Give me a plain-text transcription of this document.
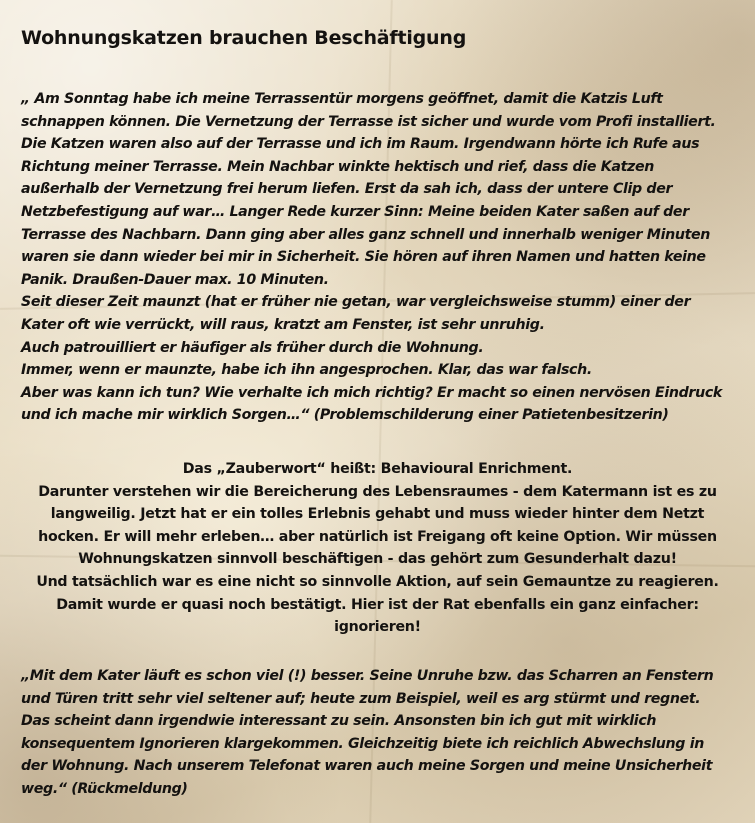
Wohnungskatzen brauchen Beschäftigung
„ Am Sonntag habe ich meine Terrassentür morgens geöffnet, damit die Katzis Luft
schnappen können. Die Vernetzung der Terrasse ist sicher und wurde vom Profi installiert.
Die Katzen waren also auf der Terrasse und ich im Raum. Irgendwann hörte ich Rufe aus
Richtung meiner Terrasse. Mein Nachbar winkte hektisch und rief, dass die Katzen
außerhalb der Vernetzung frei herum liefen. Erst da sah ich, dass der untere Clip der
Netzbefestigung auf war… Langer Rede kurzer Sinn: Meine beiden Kater saßen auf der
Terrasse des Nachbarn. Dann ging aber alles ganz schnell und innerhalb weniger Minuten
waren sie dann wieder bei mir in Sicherheit. Sie hören auf ihren Namen und hatten keine
Panik. Draußen-Dauer max. 10 Minuten.
Seit dieser Zeit maunzt (hat er früher nie getan, war vergleichsweise stumm) einer der
Kater oft wie verrückt, will raus, kratzt am Fenster, ist sehr unruhig.
Auch patrouilliert er häufiger als früher durch die Wohnung.
Immer, wenn er maunzte, habe ich ihn angesprochen. Klar, das war falsch.
Aber was kann ich tun? Wie verhalte ich mich richtig? Er macht so einen nervösen Eindruck
und ich mache mir wirklich Sorgen…“ (Problemschilderung einer Patietenbesitzerin)
Das „Zauberwort“ heißt: Behavioural Enrichment.
Darunter verstehen wir die Bereicherung des Lebensraumes - dem Katermann ist es zu
langweilig. Jetzt hat er ein tolles Erlebnis gehabt und muss wieder hinter dem Netzt
hocken. Er will mehr erleben… aber natürlich ist Freigang oft keine Option. Wir müssen
Wohnungskatzen sinnvoll beschäftigen - das gehört zum Gesunderhalt dazu!
Und tatsächlich war es eine nicht so sinnvolle Aktion, auf sein Gemauntze zu reagieren.
Damit wurde er quasi noch bestätigt. Hier ist der Rat ebenfalls ein ganz einfacher:
ignorieren!
„Mit dem Kater läuft es schon viel (!) besser. Seine Unruhe bzw. das Scharren an Fenstern
und Türen tritt sehr viel seltener auf; heute zum Beispiel, weil es arg stürmt und regnet.
Das scheint dann irgendwie interessant zu sein. Ansonsten bin ich gut mit wirklich
konsequentem Ignorieren klargekommen. Gleichzeitig biete ich reichlich Abwechslung in
der Wohnung. Nach unserem Telefonat waren auch meine Sorgen und meine Unsicherheit
weg.“ (Rückmeldung)
